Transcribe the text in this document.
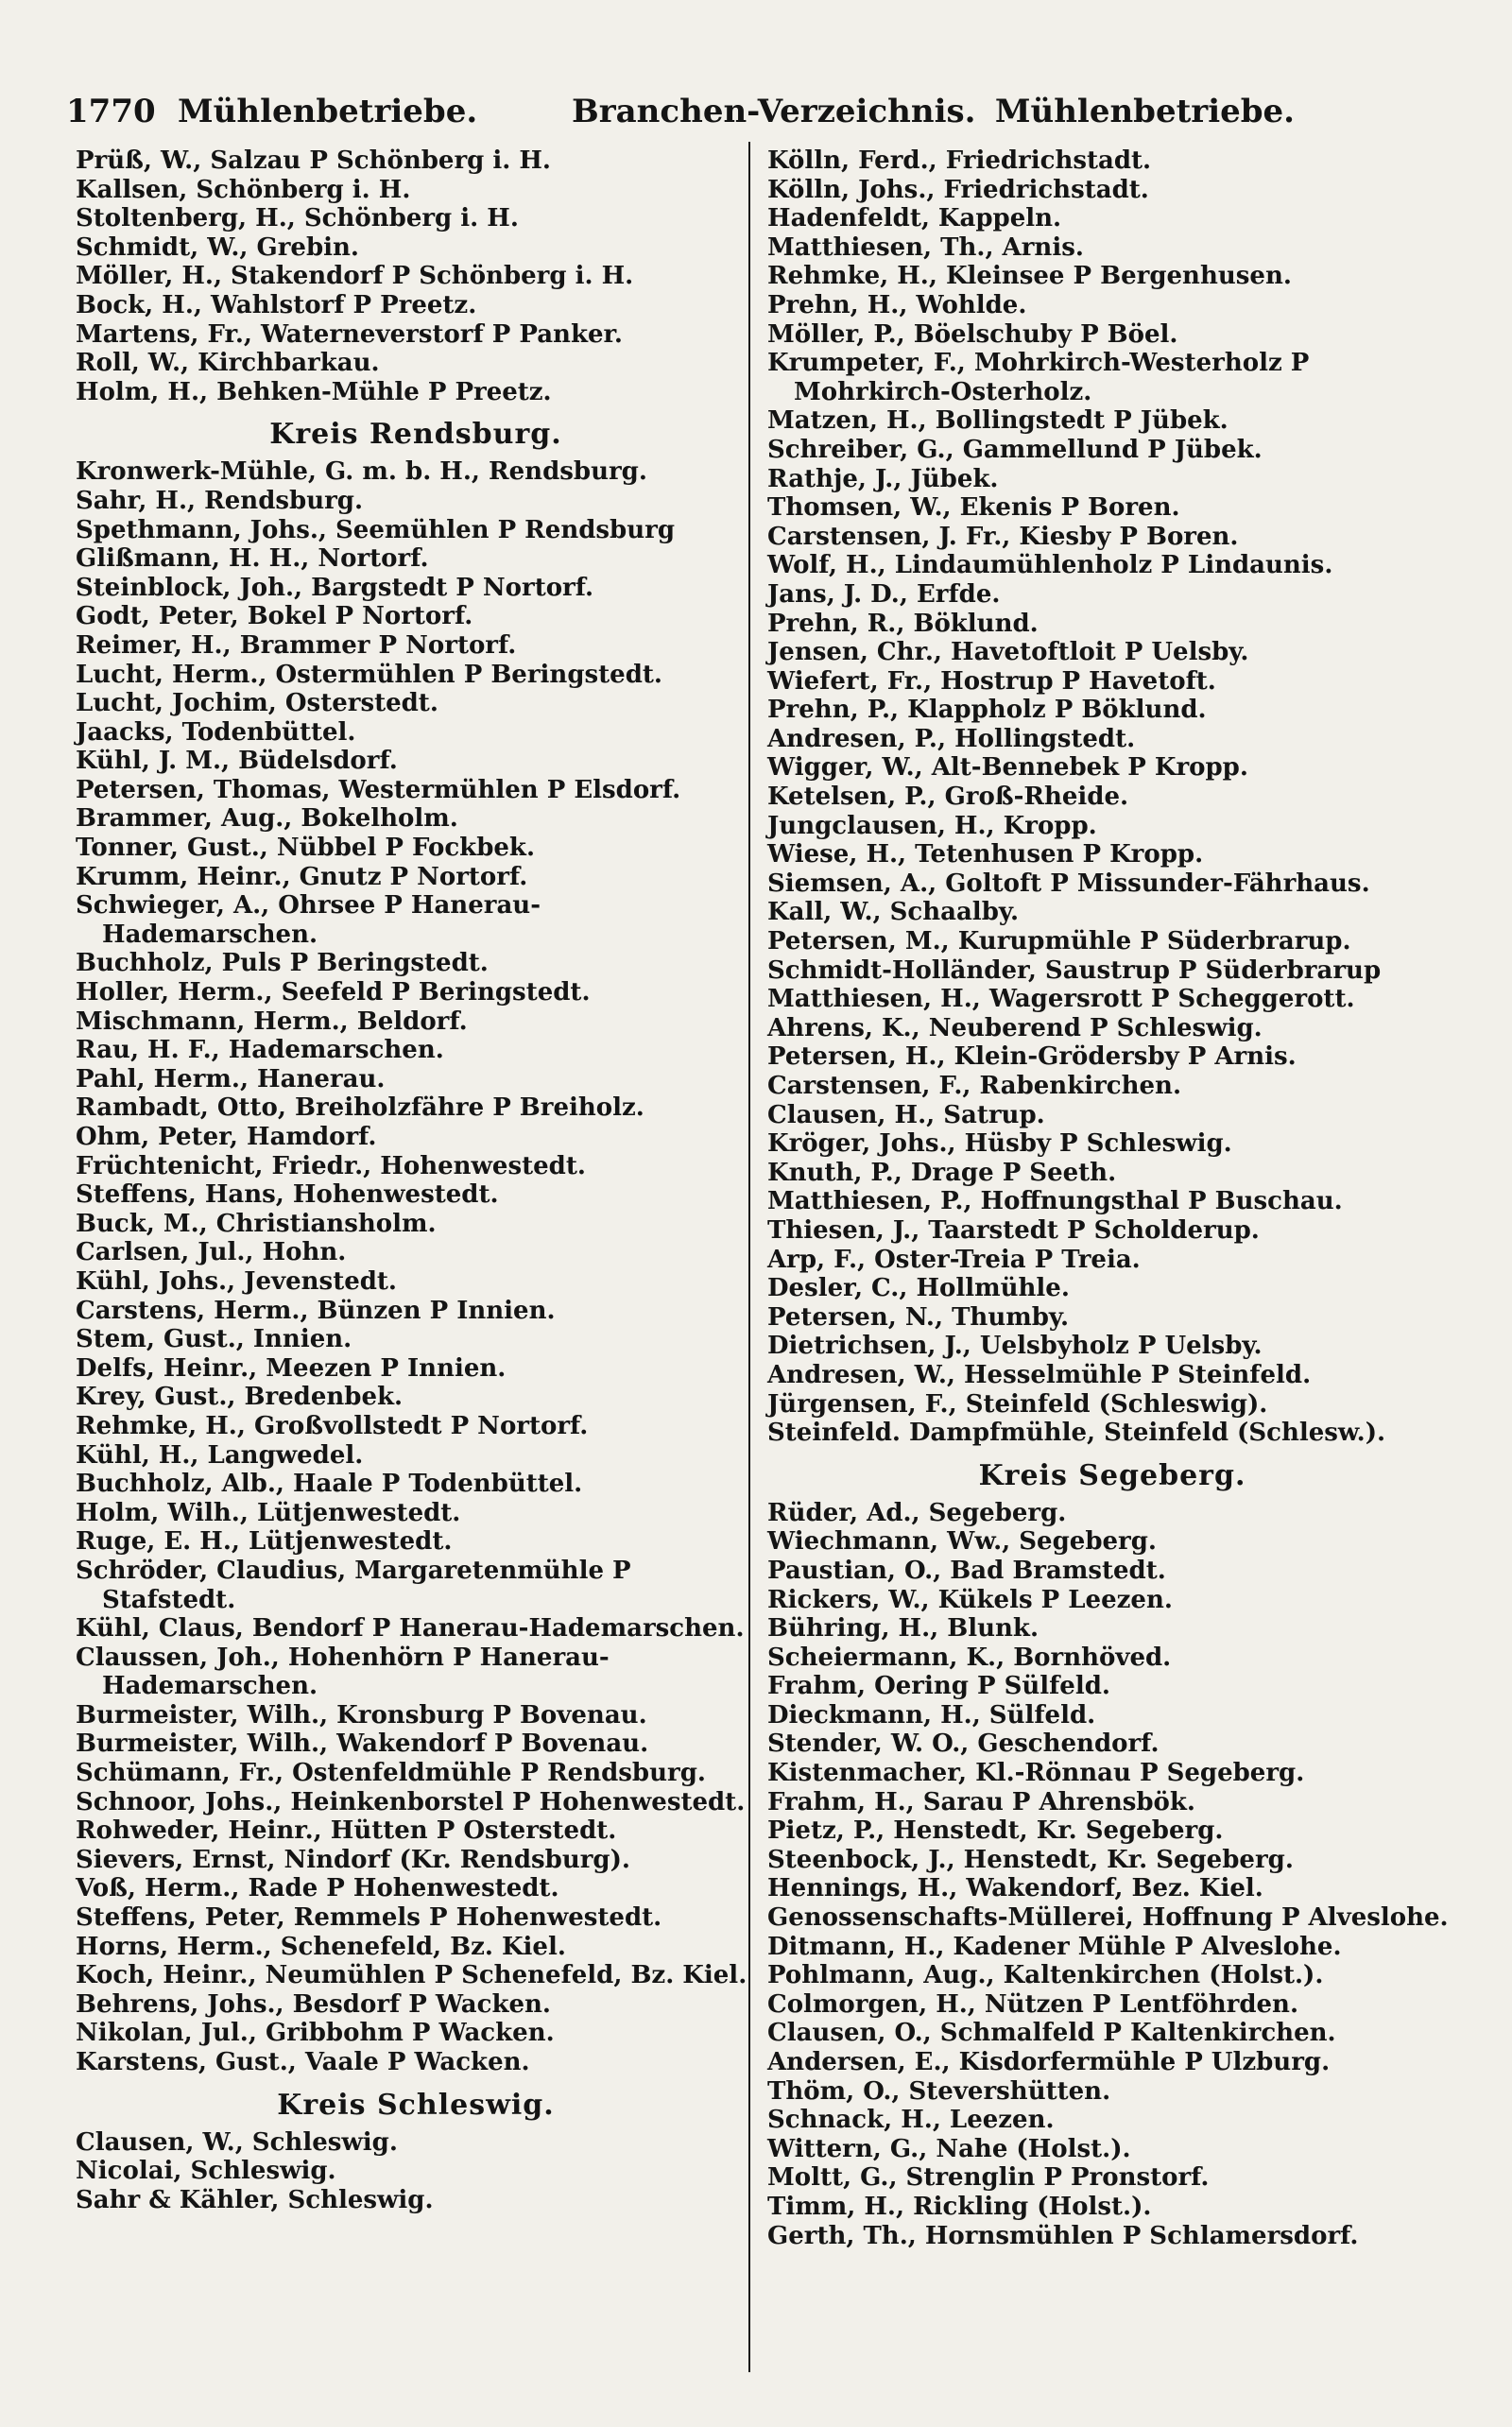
1770 Mühlenbetriebe.	Branchen-Verzeichnis. Mühlenbetriebe.
Prüß, W., Salzau P Schönberg i. H.
Kallsen, Schönberg i. H.
Stoltenberg, H., Schönberg i. H.
Schmidt, W., Grebin.
Möller, H., Stakendorf P Schönberg i. H.
Bock, H., Wahlstorf P Preetz.
Martens, Fr., Waterneverstorf P Panker.
Roll, W., Kirchbarkau.
Holm, H., Behken-Mühle P Preetz.
Kreis Rendsburg.
Kronwerk-Mühle, G. m. b. H., Rendsburg.
Sahr, H., Rendsburg.
Spethmann, Johs., Seemühlen P Rendsburg
Glißmann, H. H., Nortorf.
Steinblock, Joh., Bargstedt P Nortorf.
Godt, Peter, Bokel P Nortorf.
Reimer, H., Brammer P Nortorf.
Lucht, Herm., Ostermühlen P Beringstedt.
Lucht, Jochim, Osterstedt.
Jaacks, Todenbüttel.
Kühl, J. M., Büdelsdorf.
Petersen, Thomas, Westermühlen P Elsdorf.
Brammer, Aug., Bokelholm.
Tonner, Gust., Nübbel P Fockbek.
Krumm, Heinr., Gnutz P Nortorf.
Schwieger, A., Ohrsee P Hanerau-Hademarschen.
Buchholz, Puls P Beringstedt.
Holler, Herm., Seefeld P Beringstedt.
Mischmann, Herm., Beldorf.
Rau, H. F., Hademarschen.
Pahl, Herm., Hanerau.
Rambadt, Otto, Breiholzfähre P Breiholz.
Ohm, Peter, Hamdorf.
Früchtenicht, Friedr., Hohenwestedt.
Steffens, Hans, Hohenwestedt.
Buck, M., Christiansholm.
Carlsen, Jul., Hohn.
Kühl, Johs., Jevenstedt.
Carstens, Herm., Bünzen P Innien.
Stem, Gust., Innien.
Delfs, Heinr., Meezen P Innien.
Krey, Gust., Bredenbek.
Rehmke, H., Großvollstedt P Nortorf.
Kühl, H., Langwedel.
Buchholz, Alb., Haale P Todenbüttel.
Holm, Wilh., Lütjenwestedt.
Ruge, E. H., Lütjenwestedt.
Schröder, Claudius, Margaretenmühle P Stafstedt.
Kühl, Claus, Bendorf P Hanerau-Hademarschen.
Claussen, Joh., Hohenhörn P Hanerau-Hademarschen.
Burmeister, Wilh., Kronsburg P Bovenau.
Burmeister, Wilh., Wakendorf P Bovenau.
Schümann, Fr., Ostenfeldmühle P Rendsburg.
Schnoor, Johs., Heinkenborstel P Hohenwestedt.
Rohweder, Heinr., Hütten P Osterstedt.
Sievers, Ernst, Nindorf (Kr. Rendsburg).
Voß, Herm., Rade P Hohenwestedt.
Steffens, Peter, Remmels P Hohenwestedt.
Horns, Herm., Schenefeld, Bz. Kiel.
Koch, Heinr., Neumühlen P Schenefeld, Bz. Kiel.
Behrens, Johs., Besdorf P Wacken.
Nikolan, Jul., Gribbohm P Wacken.
Karstens, Gust., Vaale P Wacken.
Kreis Schleswig.
Clausen, W., Schleswig.
Nicolai, Schleswig.
Sahr & Kähler, Schleswig.
Kölln, Ferd., Friedrichstadt.
Kölln, Johs., Friedrichstadt.
Hadenfeldt, Kappeln.
Matthiesen, Th., Arnis.
Rehmke, H., Kleinsee P Bergenhusen.
Prehn, H., Wohlde.
Möller, P., Böelschuby P Böel.
Krumpeter, F., Mohrkirch-Westerholz P Mohrkirch-Osterholz.
Matzen, H., Bollingstedt P Jübek.
Schreiber, G., Gammellund P Jübek.
Rathje, J., Jübek.
Thomsen, W., Ekenis P Boren.
Carstensen, J. Fr., Kiesby P Boren.
Wolf, H., Lindaumühlenholz P Lindaunis.
Jans, J. D., Erfde.
Prehn, R., Böklund.
Jensen, Chr., Havetoftloit P Uelsby.
Wiefert, Fr., Hostrup P Havetoft.
Prehn, P., Klappholz P Böklund.
Andresen, P., Hollingstedt.
Wigger, W., Alt-Bennebek P Kropp.
Ketelsen, P., Groß-Rheide.
Jungclausen, H., Kropp.
Wiese, H., Tetenhusen P Kropp.
Siemsen, A., Goltoft P Missunder-Fährhaus.
Kall, W., Schaalby.
Petersen, M., Kurupmühle P Süderbrarup.
Schmidt-Holländer, Saustrup P Süderbrarup
Matthiesen, H., Wagersrott P Scheggerott.
Ahrens, K., Neuberend P Schleswig.
Petersen, H., Klein-Grödersby P Arnis.
Carstensen, F., Rabenkirchen.
Clausen, H., Satrup.
Kröger, Johs., Hüsby P Schleswig.
Knuth, P., Drage P Seeth.
Matthiesen, P., Hoffnungsthal P Buschau.
Thiesen, J., Taarstedt P Scholderup.
Arp, F., Oster-Treia P Treia.
Desler, C., Hollmühle.
Petersen, N., Thumby.
Dietrichsen, J., Uelsbyholz P Uelsby.
Andresen, W., Hesselmühle P Steinfeld.
Jürgensen, F., Steinfeld (Schleswig).
Steinfeld. Dampfmühle, Steinfeld (Schlesw.).
Kreis Segeberg.
Rüder, Ad., Segeberg.
Wiechmann, Ww., Segeberg.
Paustian, O., Bad Bramstedt.
Rickers, W., Kükels P Leezen.
Bühring, H., Blunk.
Scheiermann, K., Bornhöved.
Frahm, Oering P Sülfeld.
Dieckmann, H., Sülfeld.
Stender, W. O., Geschendorf.
Kistenmacher, Kl.-Rönnau P Segeberg.
Frahm, H., Sarau P Ahrensbök.
Pietz, P., Henstedt, Kr. Segeberg.
Steenbock, J., Henstedt, Kr. Segeberg.
Hennings, H., Wakendorf, Bez. Kiel.
Genossenschafts-Müllerei, Hoffnung P Alveslohe.
Ditmann, H., Kadener Mühle P Alveslohe.
Pohlmann, Aug., Kaltenkirchen (Holst.).
Colmorgen, H., Nützen P Lentföhrden.
Clausen, O., Schmalfeld P Kaltenkirchen.
Andersen, E., Kisdorfermühle P Ulzburg.
Thöm, O., Stevershütten.
Schnack, H., Leezen.
Wittern, G., Nahe (Holst.).
Moltt, G., Strenglin P Pronstorf.
Timm, H., Rickling (Holst.).
Gerth, Th., Hornsmühlen P Schlamersdorf.
